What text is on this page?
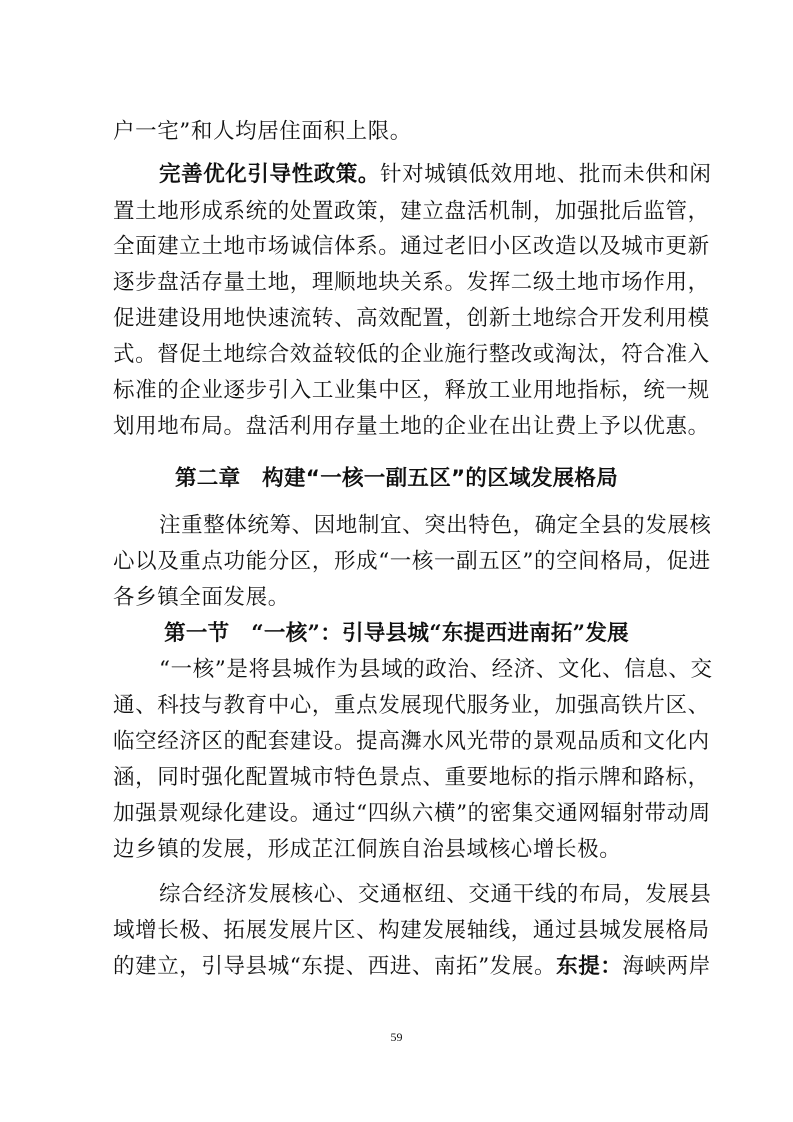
户一宅”和人均居住面积上限。
完善优化引导性政策。针对城镇低效用地、批而未供和闲
置土地形成系统的处置政策，建立盘活机制，加强批后监管，
全面建立土地市场诚信体系。通过老旧小区改造以及城市更新
逐步盘活存量土地，理顺地块关系。发挥二级土地市场作用，
促进建设用地快速流转、高效配置，创新土地综合开发利用模
式。督促土地综合效益较低的企业施行整改或淘汰，符合准入
标准的企业逐步引入工业集中区，释放工业用地指标，统一规
划用地布局。盘活利用存量土地的企业在出让费上予以优惠。
第二章　构建“一核一副五区”的区域发展格局
注重整体统筹、因地制宜、突出特色，确定全县的发展核
心以及重点功能分区，形成“一核一副五区”的空间格局，促进
各乡镇全面发展。
第一节　“一核”：引导县城“东提西进南拓”发展
“一核”是将县城作为县域的政治、经济、文化、信息、交
通、科技与教育中心，重点发展现代服务业，加强高铁片区、
临空经济区的配套建设。提高㵲水风光带的景观品质和文化内
涵，同时强化配置城市特色景点、重要地标的指示牌和路标，
加强景观绿化建设。通过“四纵六横”的密集交通网辐射带动周
边乡镇的发展，形成芷江侗族自治县域核心增长极。
综合经济发展核心、交通枢纽、交通干线的布局，发展县
域增长极、拓展发展片区、构建发展轴线，通过县城发展格局
的建立，引导县城“东提、西进、南拓”发展。东提：海峡两岸
59
